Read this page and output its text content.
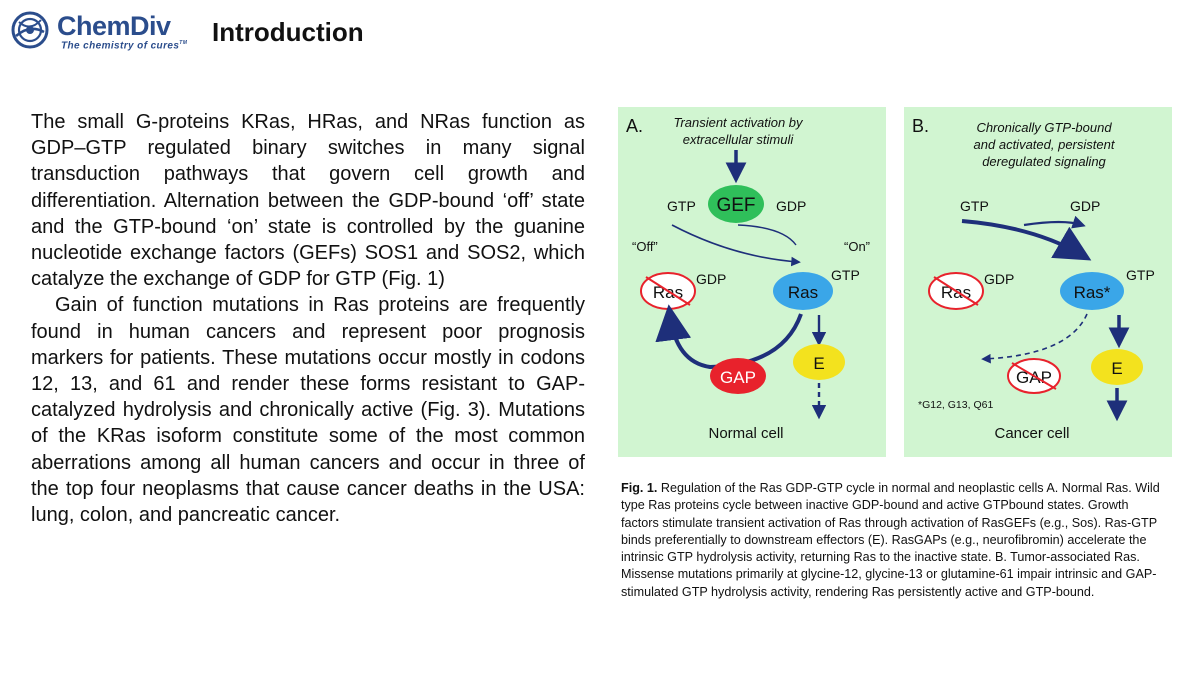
ChemDiv
The chemistry of cures™ Introduction

The small G-proteins KRas, HRas, and NRas function as GDP–GTP regulated binary switches in many signal transduction pathways that govern cell growth and differentiation. Alternation between the GDP-bound ‘off’ state and the GTP-bound ‘on’ state is controlled by the guanine nucleotide exchange factors (GEFs) SOS1 and SOS2, which catalyze the exchange of GDP for GTP (Fig. 1)

Gain of function mutations in Ras proteins are frequently found in human cancers and represent poor prognosis markers for patients. These mutations occur mostly in codons 12, 13, and 61 and render these forms resistant to GAP-catalyzed hydrolysis and chronically active (Fig. 3). Mutations of the KRas isoform constitute some of the most common aberrations among all human cancers and occur in three of the top four neoplasms that cause cancer deaths in the USA: lung, colon, and pancreatic cancer.

A. Transient activation by
extracellular stimuli
GEF
GTP	GDP
“Off”	“On”
Ras
GDP
Ras
GTP
GAP
E
Normal cell
B.	Chronically GTP-bound
and activated, persistent
deregulated signaling
GTP	GDP
Ras
GDP
Ras*
GTP
GAP	E
*G12, G13, Q61
Cancer cell
Fig. 1. Regulation of the Ras GDP-GTP cycle in normal and neoplastic cells A. Normal Ras. Wild type Ras proteins cycle between inactive GDP-bound and active GTPbound states. Growth factors stimulate transient activation of Ras through activation of RasGEFs (e.g., Sos). Ras-GTP binds preferentially to downstream effectors (E). RasGAPs (e.g., neurofibromin) accelerate the intrinsic GTP hydrolysis activity, returning Ras to the inactive state. B. Tumor-associated Ras. Missense mutations primarily at glycine-12, glycine-13 or glutamine-61 impair intrinsic and GAP-stimulated GTP hydrolysis activity, rendering Ras persistently active and GTP-bound.
